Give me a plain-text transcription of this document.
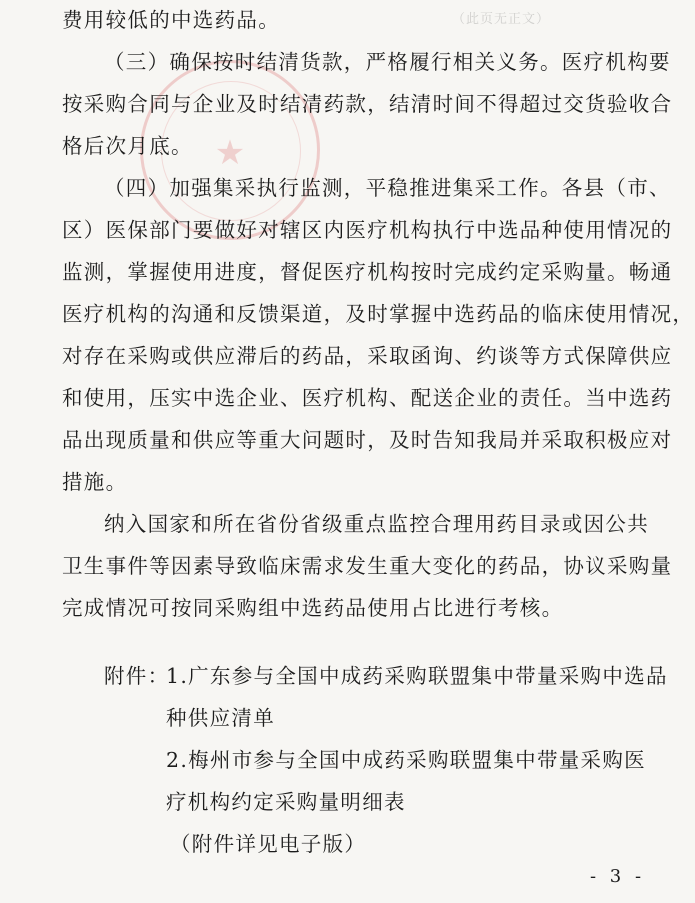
★
（此页无正文）
费用较低的中选药品。
（三）确保按时结清货款，严格履行相关义务。医疗机构要
按采购合同与企业及时结清药款，结清时间不得超过交货验收合
格后次月底。
（四）加强集采执行监测，平稳推进集采工作。各县（市、
区）医保部门要做好对辖区内医疗机构执行中选品种使用情况的
监测，掌握使用进度，督促医疗机构按时完成约定采购量。畅通
医疗机构的沟通和反馈渠道，及时掌握中选药品的临床使用情况，
对存在采购或供应滞后的药品，采取函询、约谈等方式保障供应
和使用，压实中选企业、医疗机构、配送企业的责任。当中选药
品出现质量和供应等重大问题时，及时告知我局并采取积极应对
措施。
纳入国家和所在省份省级重点监控合理用药目录或因公共
卫生事件等因素导致临床需求发生重大变化的药品，协议采购量
完成情况可按同采购组中选药品使用占比进行考核。
附件：
1.广东参与全国中成药采购联盟集中带量采购中选品
种供应清单
2.梅州市参与全国中成药采购联盟集中带量采购医
疗机构约定采购量明细表
（附件详见电子版）
- 3 -
